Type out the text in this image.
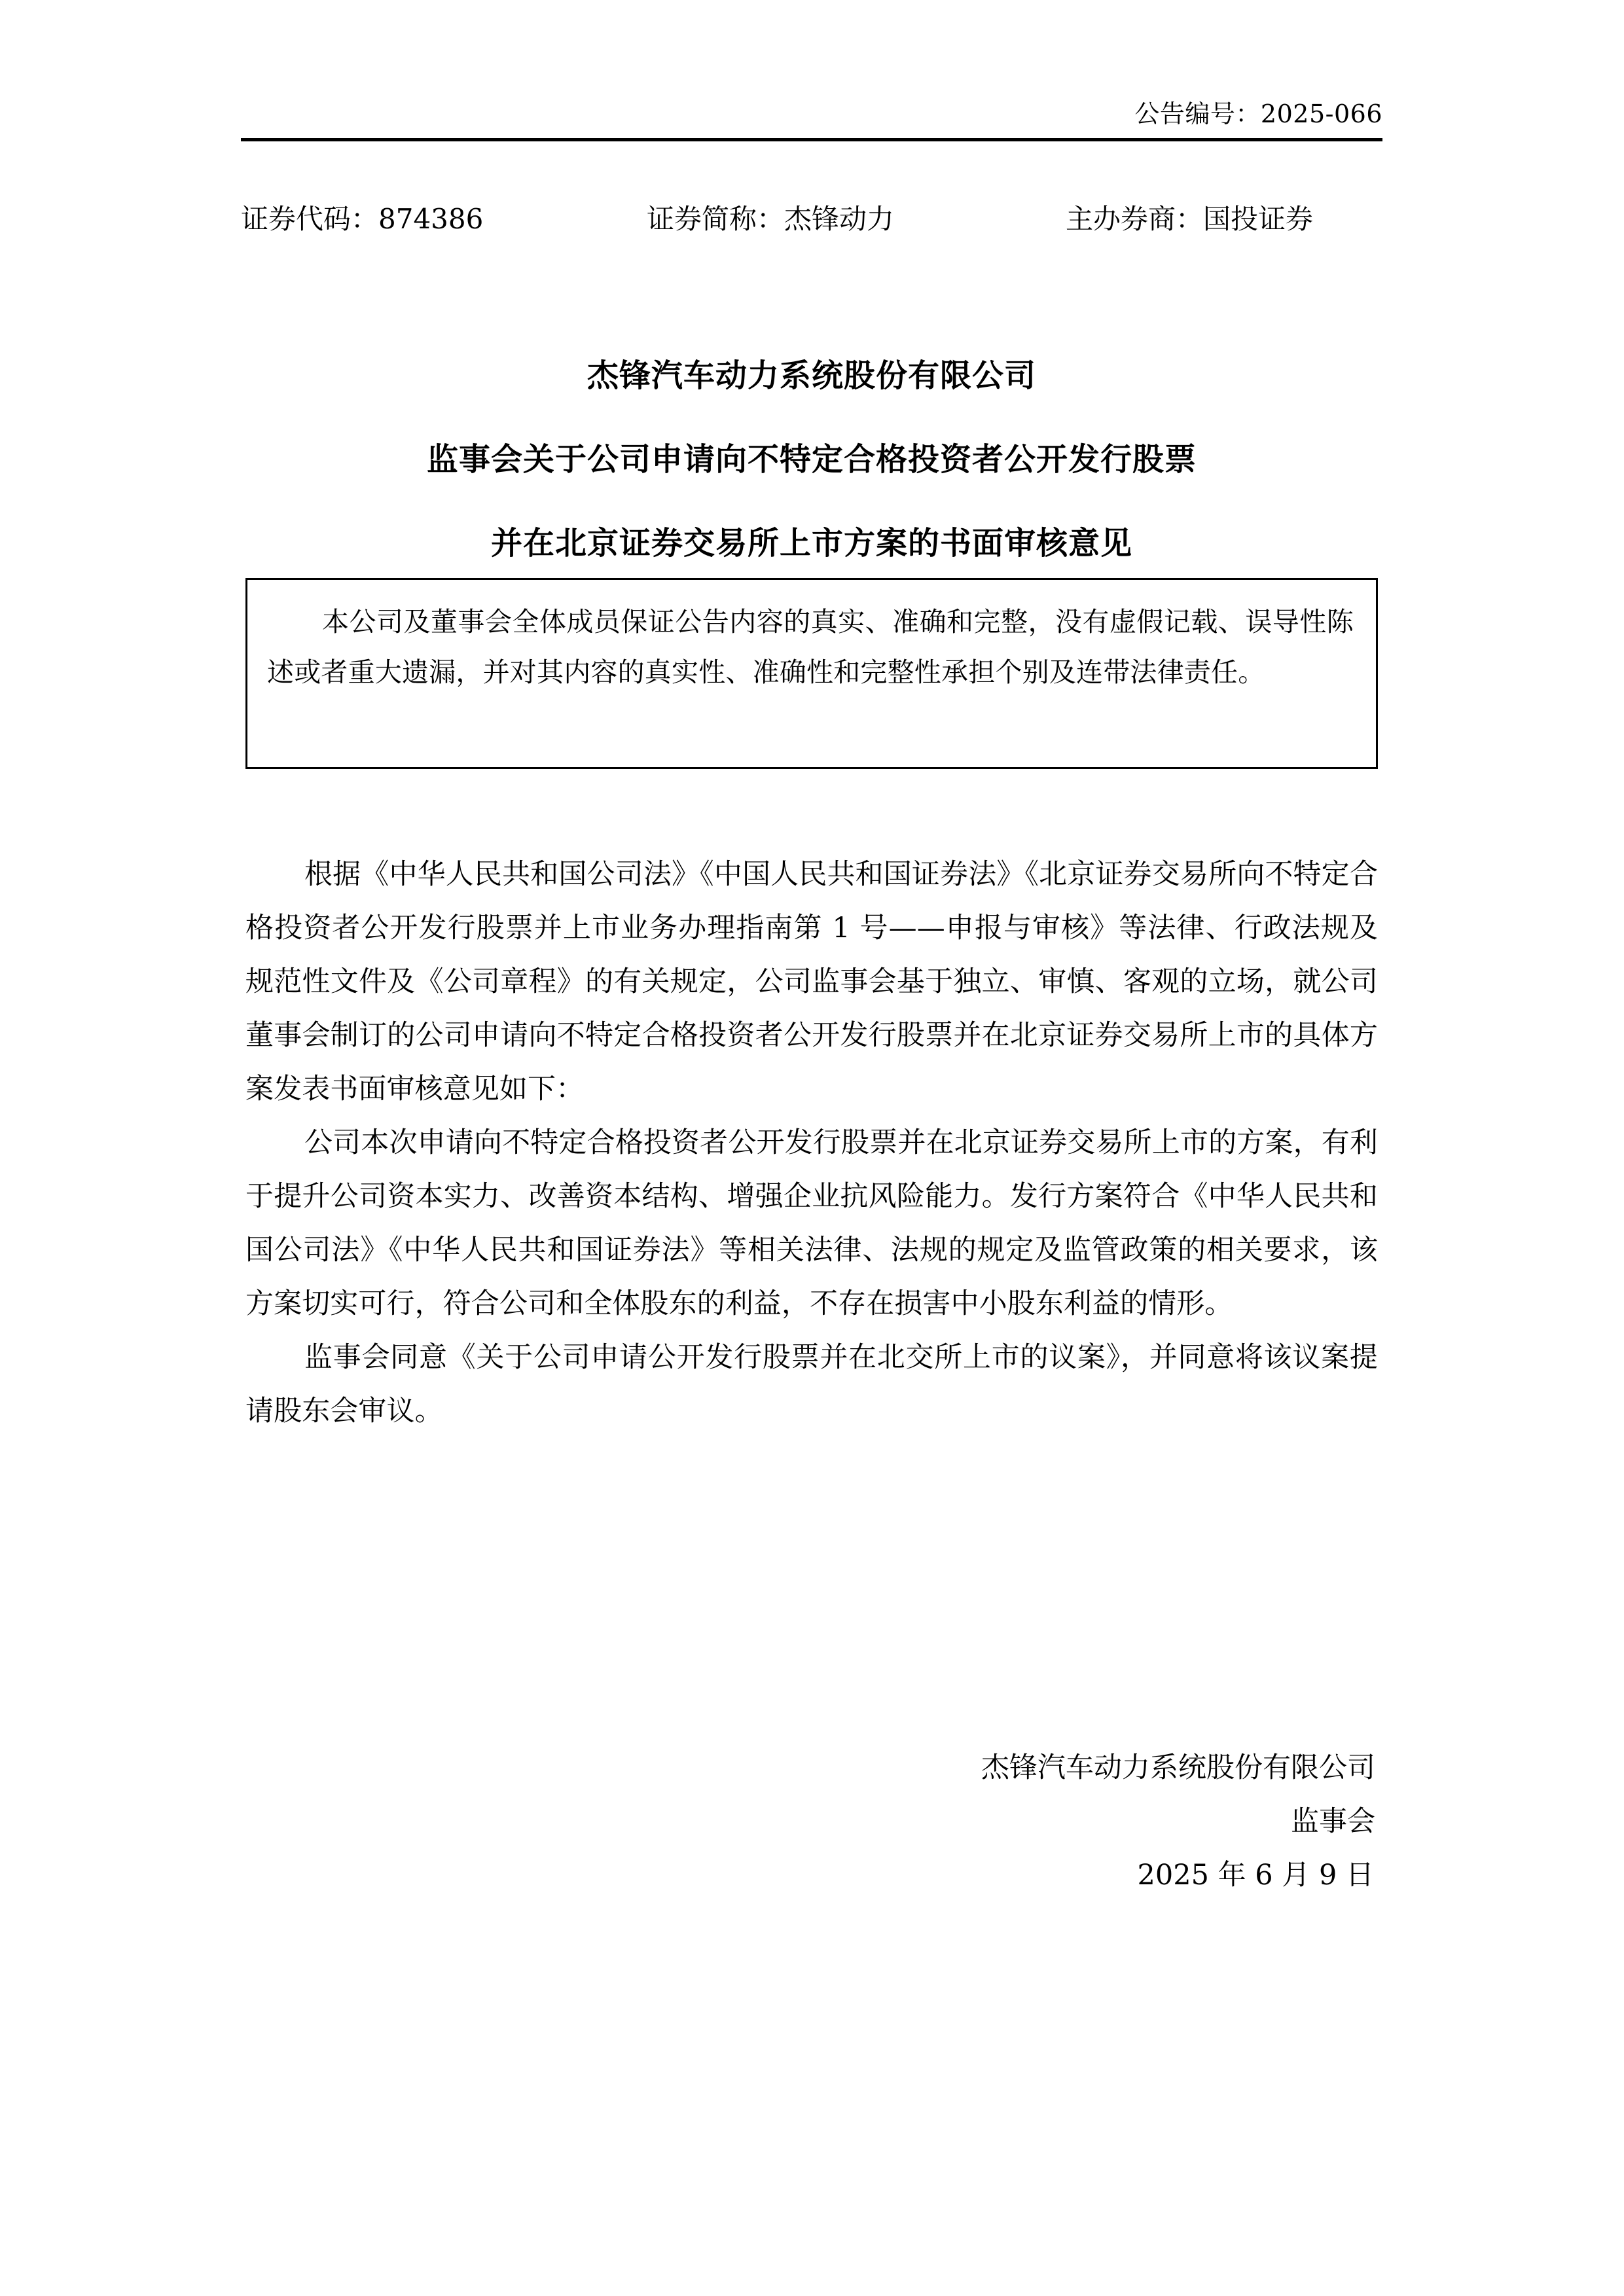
公告编号：2025-066
证券代码：874386	证券简称：杰锋动力	主办券商：国投证券
杰锋汽车动力系统股份有限公司
监事会关于公司申请向不特定合格投资者公开发行股票
并在北京证券交易所上市方案的书面审核意见

本公司及董事会全体成员保证公告内容的真实、准确和完整，没有虚假记载、误导性陈述或者重大遗漏，并对其内容的真实性、准确性和完整性承担个别及连带法律责任。

根据《中华人民共和国公司法》《中国人民共和国证券法》《北京证券交易所向不特定合格投资者公开发行股票并上市业务办理指南第 1 号——申报与审核》等法律、行政法规及规范性文件及《公司章程》的有关规定，公司监事会基于独立、审慎、客观的立场，就公司董事会制订的公司申请向不特定合格投资者公开发行股票并在北京证券交易所上市的具体方案发表书面审核意见如下：

公司本次申请向不特定合格投资者公开发行股票并在北京证券交易所上市的方案，有利于提升公司资本实力、改善资本结构、增强企业抗风险能力。发行方案符合《中华人民共和国公司法》《中华人民共和国证券法》等相关法律、法规的规定及监管政策的相关要求，该方案切实可行，符合公司和全体股东的利益，不存在损害中小股东利益的情形。

监事会同意《关于公司申请公开发行股票并在北交所上市的议案》，并同意将该议案提请股东会审议。

杰锋汽车动力系统股份有限公司
监事会
2025 年 6 月 9 日
